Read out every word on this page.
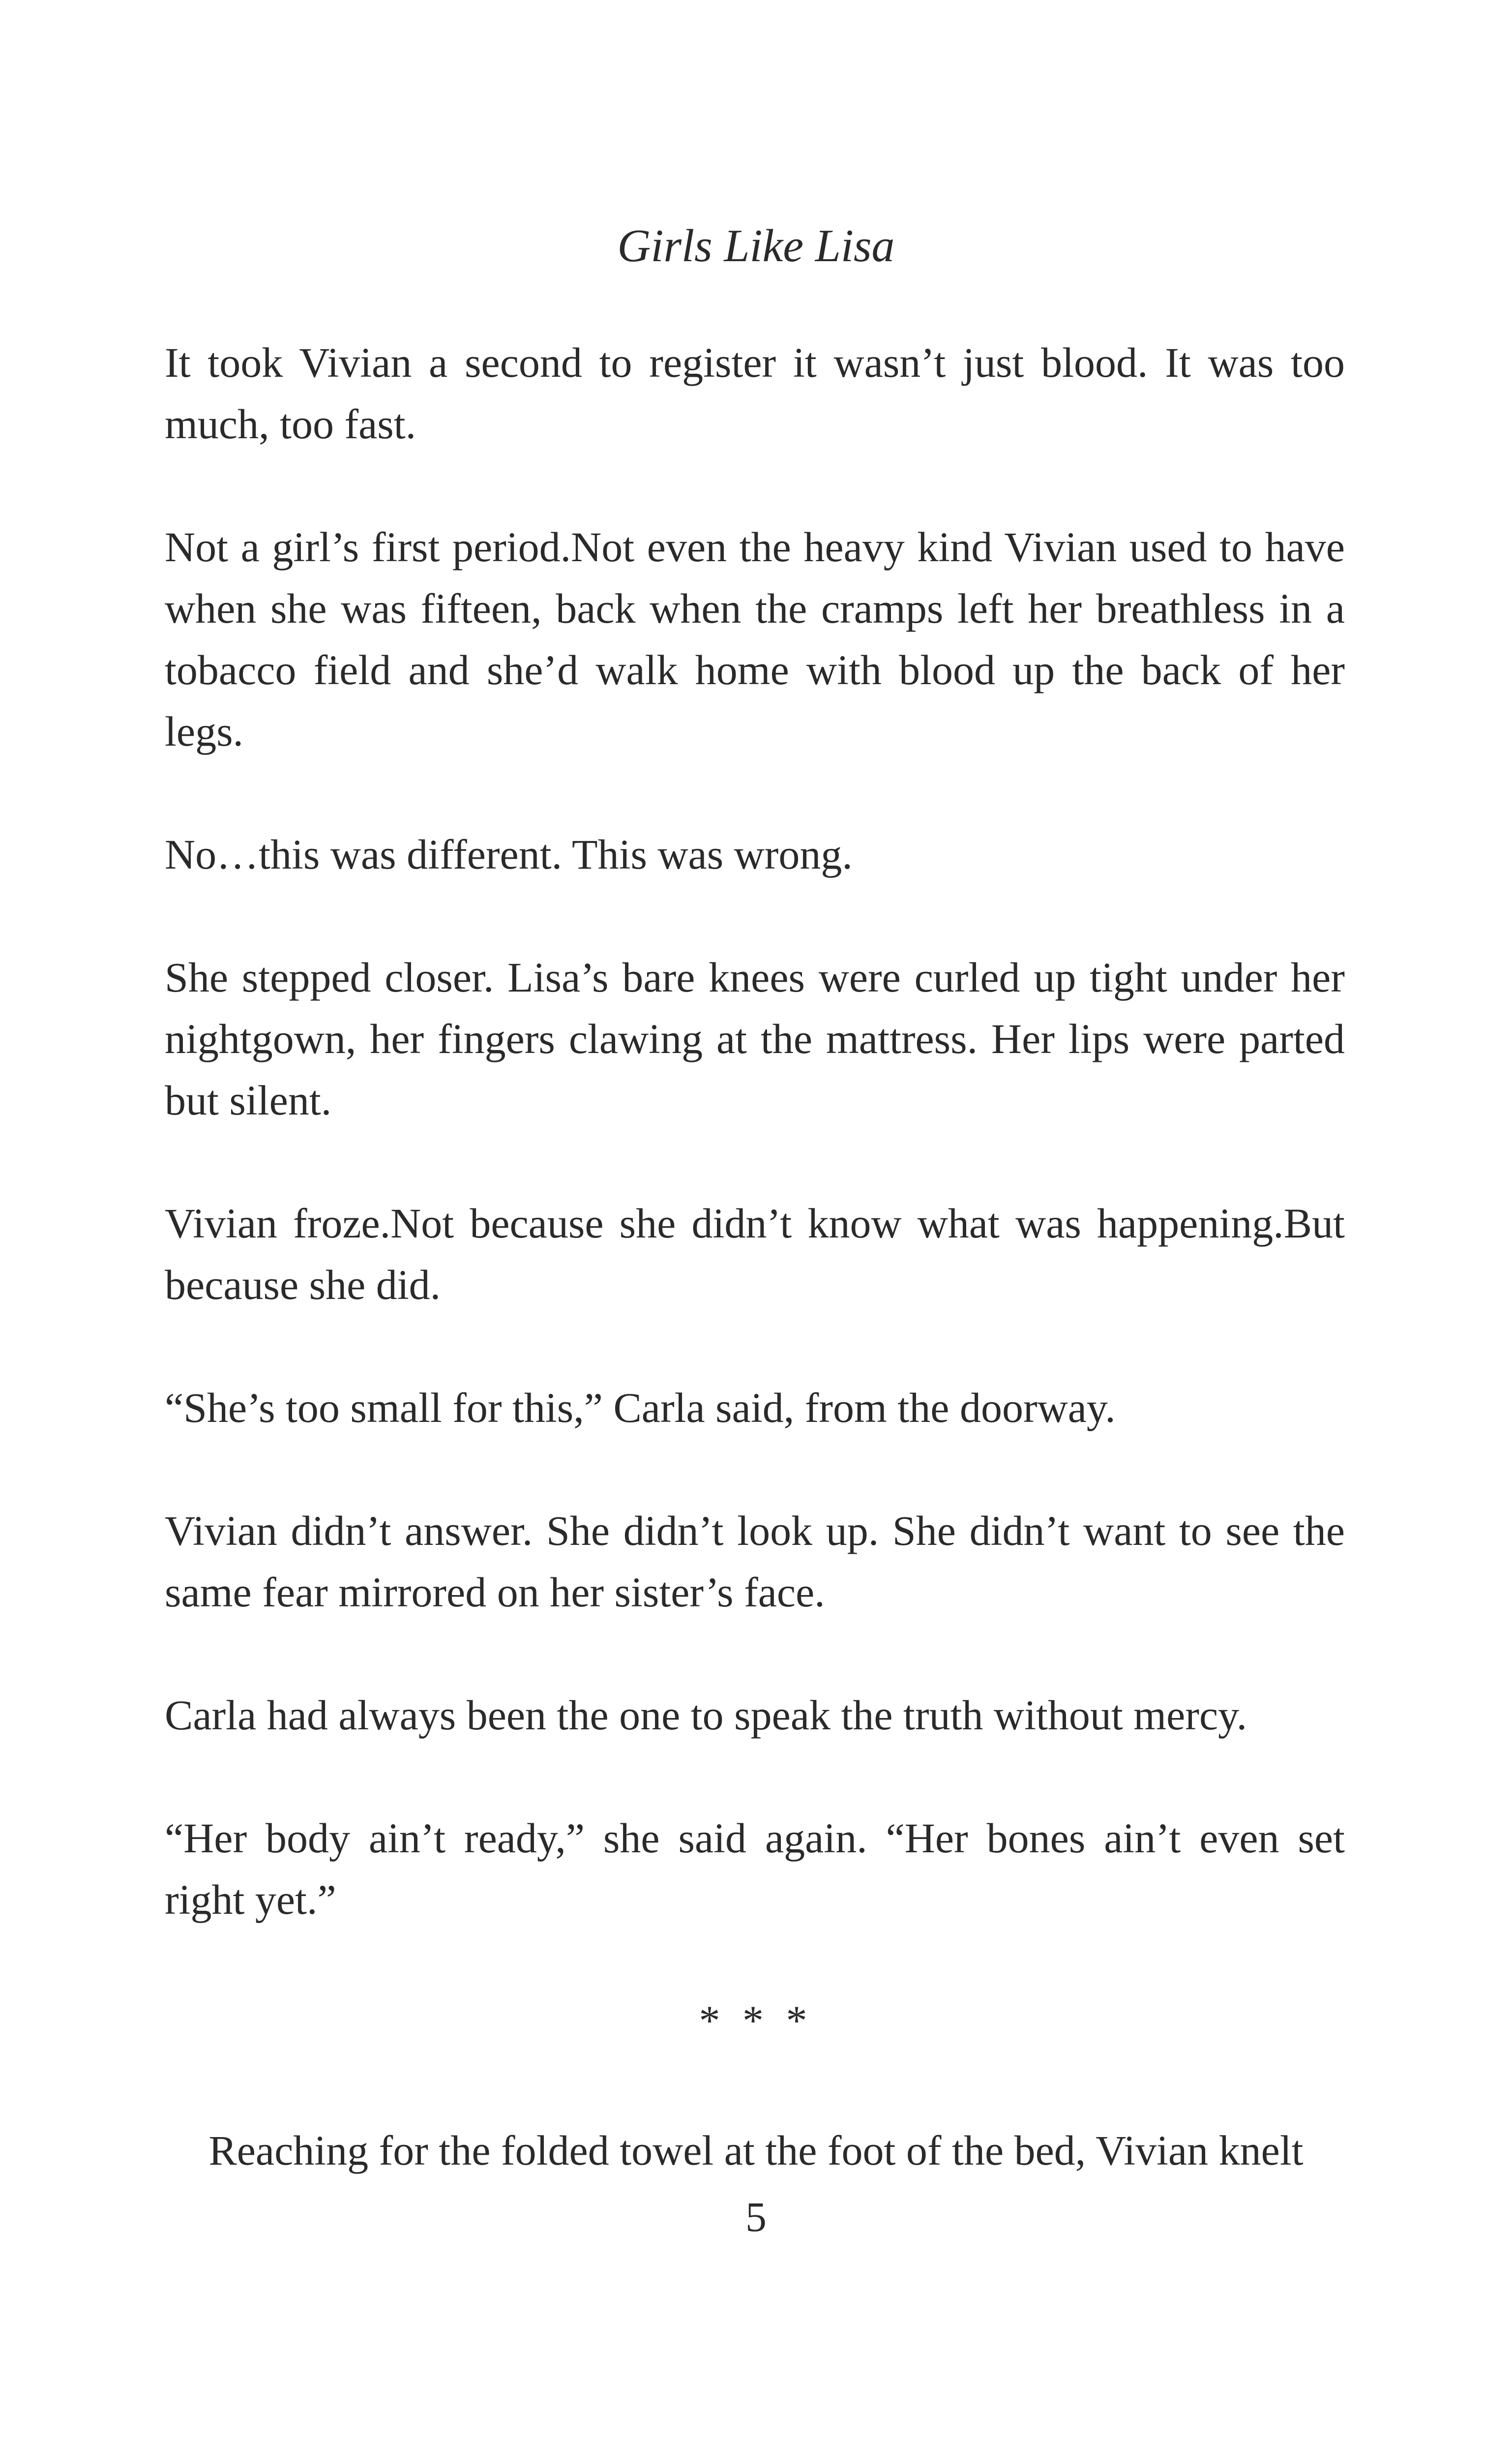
Girls Like Lisa

It took Vivian a second to register it wasn’t just blood. It was too much, too fast.

Not a girl’s first period.Not even the heavy kind Vivian used to have when she was fifteen, back when the cramps left her breathless in a tobacco field and she’d walk home with blood up the back of her legs.

No…this was different. This was wrong.

She stepped closer. Lisa’s bare knees were curled up tight under her nightgown, her fingers clawing at the mattress. Her lips were parted but silent.

Vivian froze.Not because she didn’t know what was happening.But because she did.

“She’s too small for this,” Carla said, from the doorway.

Vivian didn’t answer. She didn’t look up. She didn’t want to see the same fear mirrored on her sister’s face.

Carla had always been the one to speak the truth without mercy.

“Her body ain’t ready,” she said again. “Her bones ain’t even set right yet.”

* * *

Reaching for the folded towel at the foot of the bed, Vivian knelt

5
